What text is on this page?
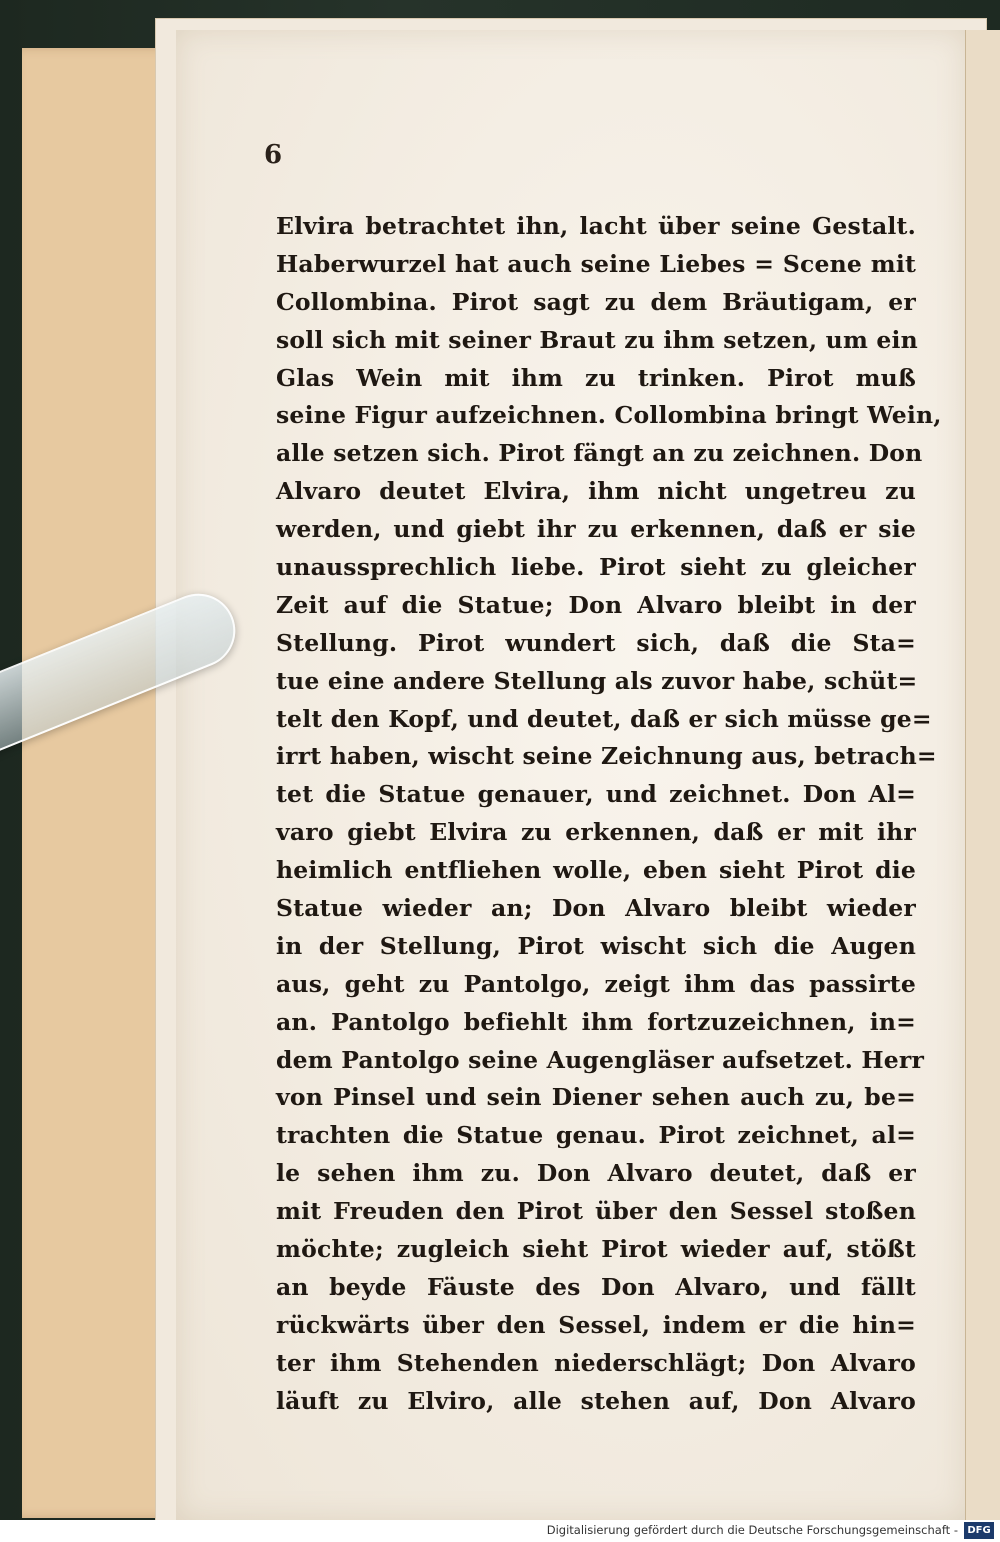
6
Elvira betrachtet ihn, lacht über seine Gestalt.
Haberwurzel hat auch seine Liebes = Scene mit
Collombina. Pirot sagt zu dem Bräutigam, er
soll sich mit seiner Braut zu ihm setzen, um ein
Glas Wein mit ihm zu trinken. Pirot muß
seine Figur aufzeichnen. Collombina bringt Wein,
alle setzen sich. Pirot fängt an zu zeichnen. Don
Alvaro deutet Elvira, ihm nicht ungetreu zu
werden, und giebt ihr zu erkennen, daß er sie
unaussprechlich liebe. Pirot sieht zu gleicher
Zeit auf die Statue; Don Alvaro bleibt in der
Stellung. Pirot wundert sich, daß die Sta=
tue eine andere Stellung als zuvor habe, schüt=
telt den Kopf, und deutet, daß er sich müsse ge=
irrt haben, wischt seine Zeichnung aus, betrach=
tet die Statue genauer, und zeichnet. Don Al=
varo giebt Elvira zu erkennen, daß er mit ihr
heimlich entfliehen wolle, eben sieht Pirot die
Statue wieder an; Don Alvaro bleibt wieder
in der Stellung, Pirot wischt sich die Augen
aus, geht zu Pantolgo, zeigt ihm das passirte
an. Pantolgo befiehlt ihm fortzuzeichnen, in=
dem Pantolgo seine Augengläser aufsetzet. Herr
von Pinsel und sein Diener sehen auch zu, be=
trachten die Statue genau. Pirot zeichnet, al=
le sehen ihm zu. Don Alvaro deutet, daß er
mit Freuden den Pirot über den Sessel stoßen
möchte; zugleich sieht Pirot wieder auf, stößt
an beyde Fäuste des Don Alvaro, und fällt
rückwärts über den Sessel, indem er die hin=
ter ihm Stehenden niederschlägt; Don Alvaro
läuft zu Elviro, alle stehen auf, Don Alvaro
Digitalisierung gefördert durch die Deutsche Forschungsgemeinschaft - DFG
